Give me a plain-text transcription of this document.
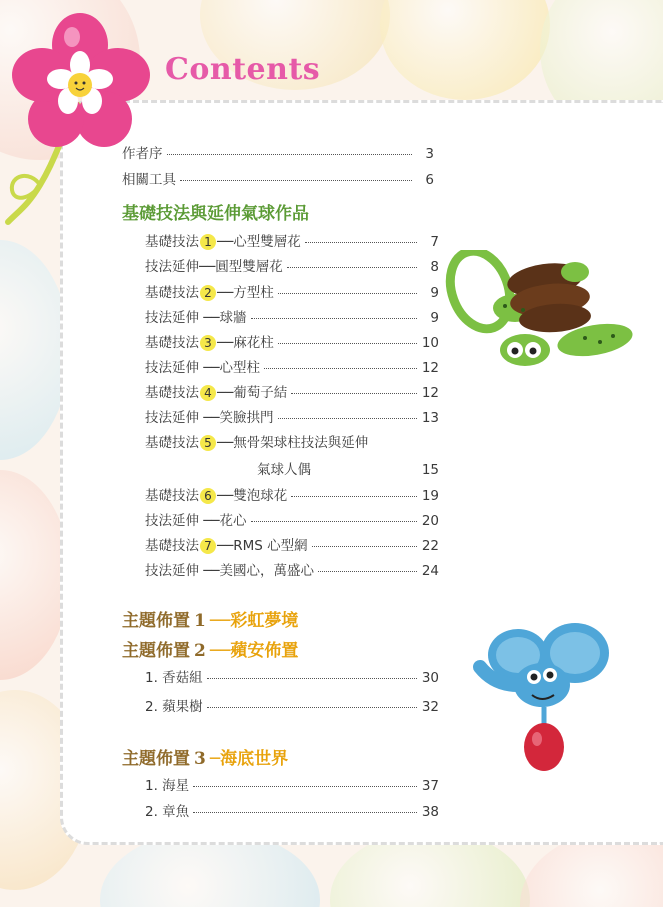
Contents
作者序	3
相關工具	6
基礎技法與延伸氣球作品
基礎技法 1 ──心型雙層花	7
技法延伸──圓型雙層花	8
基礎技法 2 ──方型柱	9
技法延伸 ──球牆	9
基礎技法 3 ──麻花柱	10
技法延伸 ──心型柱	12
基礎技法 4 ──葡萄子結	12
技法延伸 ──笑臉拱門	13
基礎技法 5 ──無骨架球柱技法與延伸
氣球人偶	15
基礎技法 6 ──雙泡球花	19
技法延伸 ──花心	20
基礎技法 7 ──RMS 心型網	22
技法延伸 ──美國心，萬盛心	24
主題佈置 1 ──彩虹夢境
主題佈置 2 ──蘋安佈置
1. 香菇組	30
2. 蘋果樹	32
主題佈置 3 ─海底世界
1. 海星	37
2. 章魚	38
